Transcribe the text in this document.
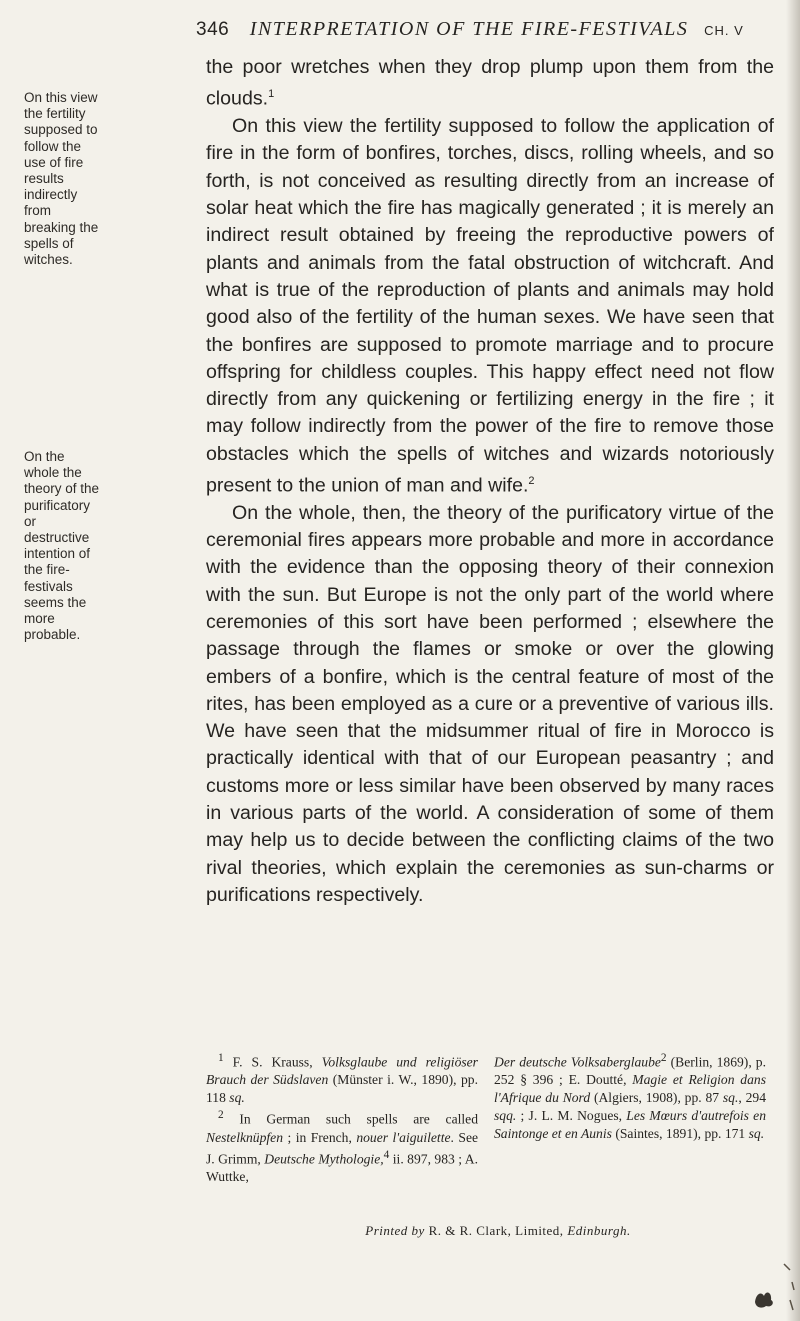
346 INTERPRETATION OF THE FIRE-FESTIVALS CH. V
On this view the fertility supposed to follow the use of fire results indirectly from breaking the spells of witches.
On the whole the theory of the purificatory or destructive intention of the fire-festivals seems the more probable.

the poor wretches when they drop plump upon them from the clouds.$^1$

On this view the fertility supposed to follow the application of fire in the form of bonfires, torches, discs, rolling wheels, and so forth, is not conceived as resulting directly from an increase of solar heat which the fire has magically generated ; it is merely an indirect result obtained by freeing the reproductive powers of plants and animals from the fatal obstruction of witchcraft. And what is true of the reproduction of plants and animals may hold good also of the fertility of the human sexes. We have seen that the bonfires are supposed to promote marriage and to procure offspring for childless couples. This happy effect need not flow directly from any quickening or fertilizing energy in the fire ; it may follow indirectly from the power of the fire to remove those obstacles which the spells of witches and wizards notoriously present to the union of man and wife.$^2$

On the whole, then, the theory of the purificatory virtue of the ceremonial fires appears more probable and more in accordance with the evidence than the opposing theory of their connexion with the sun. But Europe is not the only part of the world where ceremonies of this sort have been performed ; elsewhere the passage through the flames or smoke or over the glowing embers of a bonfire, which is the central feature of most of the rites, has been employed as a cure or a preventive of various ills. We have seen that the midsummer ritual of fire in Morocco is practically identical with that of our European peasantry ; and customs more or less similar have been observed by many races in various parts of the world. A consideration of some of them may help us to decide between the conflicting claims of the two rival theories, which explain the ceremonies as sun-charms or purifications respectively.

$^1$ F. S. Krauss, Volksglaube und religiöser Brauch der Südslaven (Münster i. W., 1890), pp. 118 sq.

$^2$ In German such spells are called Nestelknüpfen ; in French, nouer l'aiguilette. See J. Grimm, Deutsche Mythologie,$^4$ ii. 897, 983 ; A. Wuttke,

Der deutsche Volksaberglaube$^2$ (Berlin, 1869), p. 252 § 396 ; E. Doutté, Magie et Religion dans l'Afrique du Nord (Algiers, 1908), pp. 87 sq., 294 sqq. ; J. L. M. Nogues, Les Mœurs d'autrefois en Saintonge et en Aunis (Saintes, 1891), pp. 171 sq.

Printed by R. & R. Clark, Limited, Edinburgh.
